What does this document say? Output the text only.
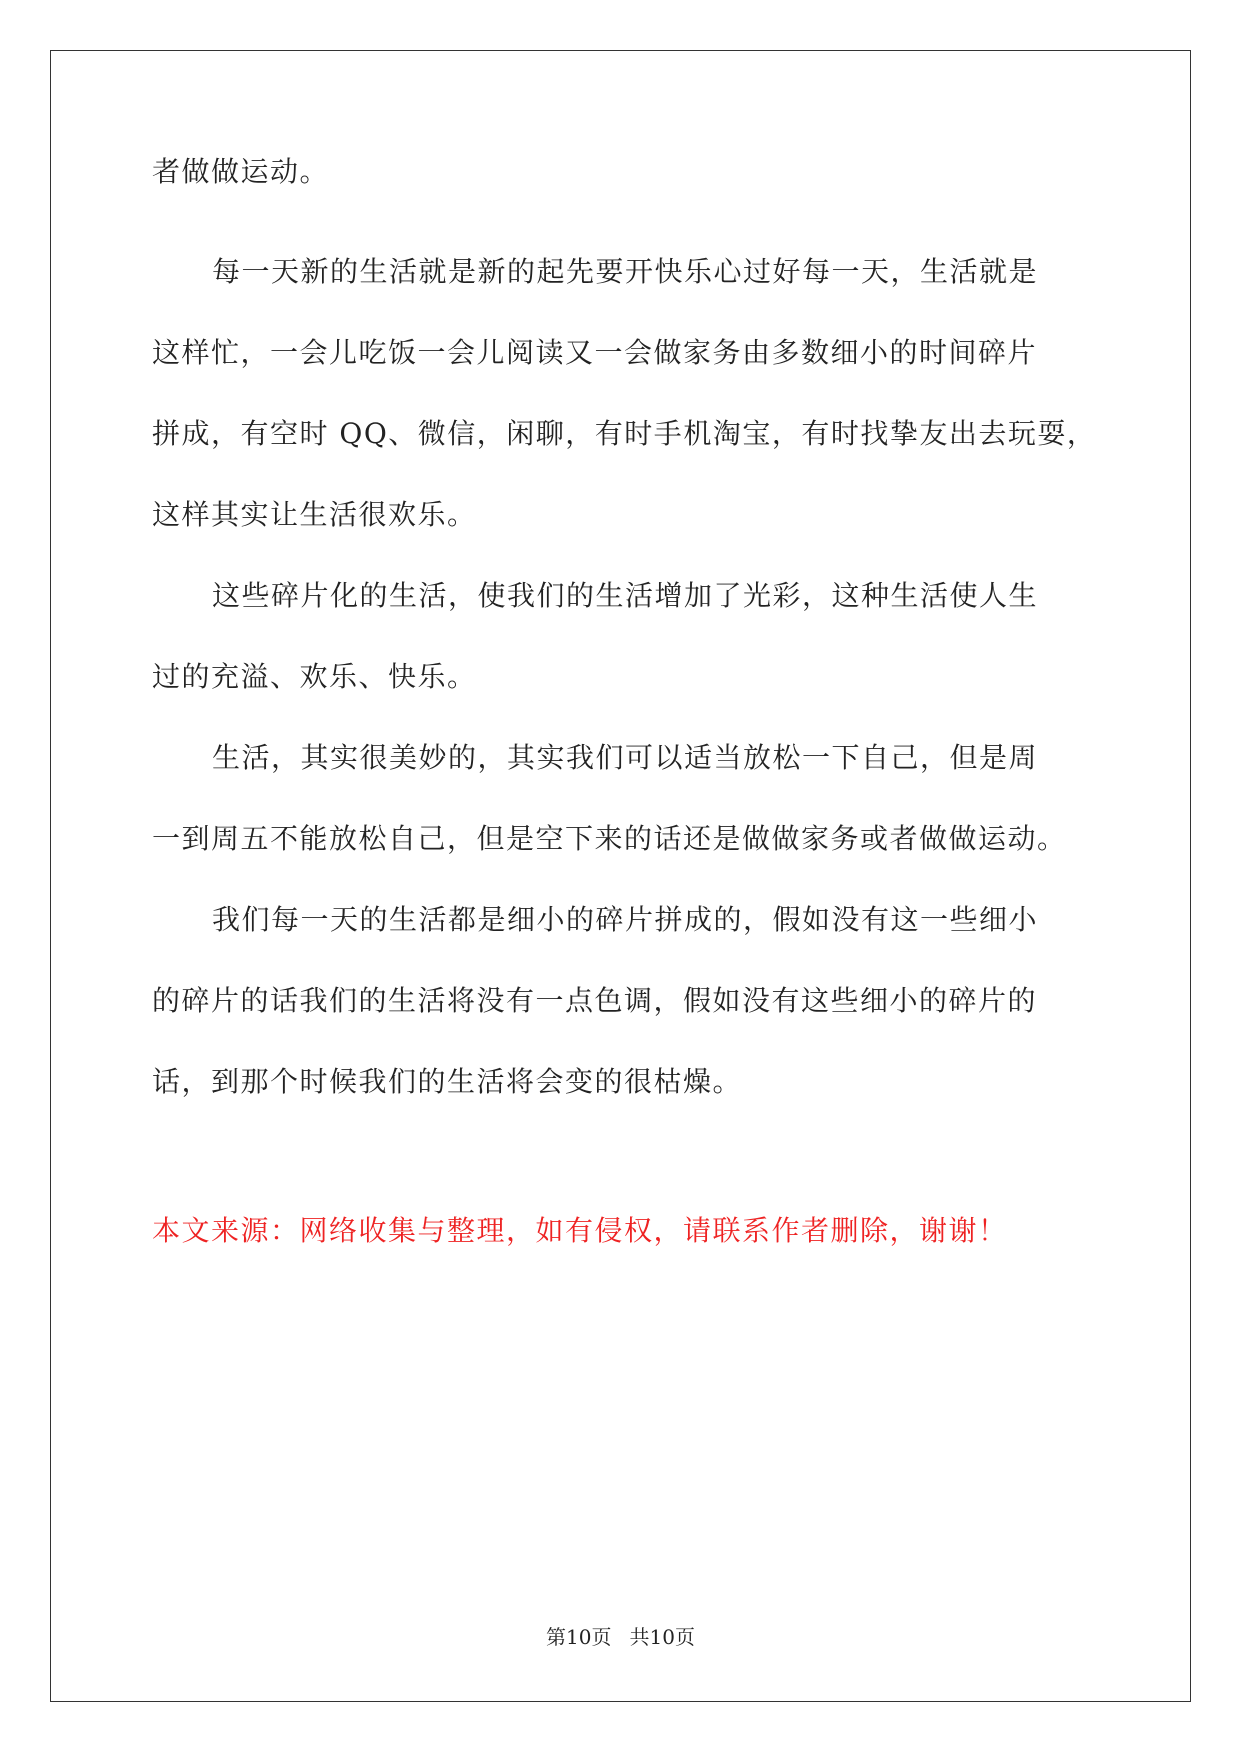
者做做运动。
每一天新的生活就是新的起先要开快乐心过好每一天，生活就是
这样忙，一会儿吃饭一会儿阅读又一会做家务由多数细小的时间碎片
拼成，有空时 QQ、微信，闲聊，有时手机淘宝，有时找挚友出去玩耍，
这样其实让生活很欢乐。
这些碎片化的生活，使我们的生活增加了光彩，这种生活使人生
过的充溢、欢乐、快乐。
生活，其实很美妙的，其实我们可以适当放松一下自己，但是周
一到周五不能放松自己，但是空下来的话还是做做家务或者做做运动。
我们每一天的生活都是细小的碎片拼成的，假如没有这一些细小
的碎片的话我们的生活将没有一点色调，假如没有这些细小的碎片的
话，到那个时候我们的生活将会变的很枯燥。
本文来源：网络收集与整理，如有侵权，请联系作者删除，谢谢！
第10页 共10页
